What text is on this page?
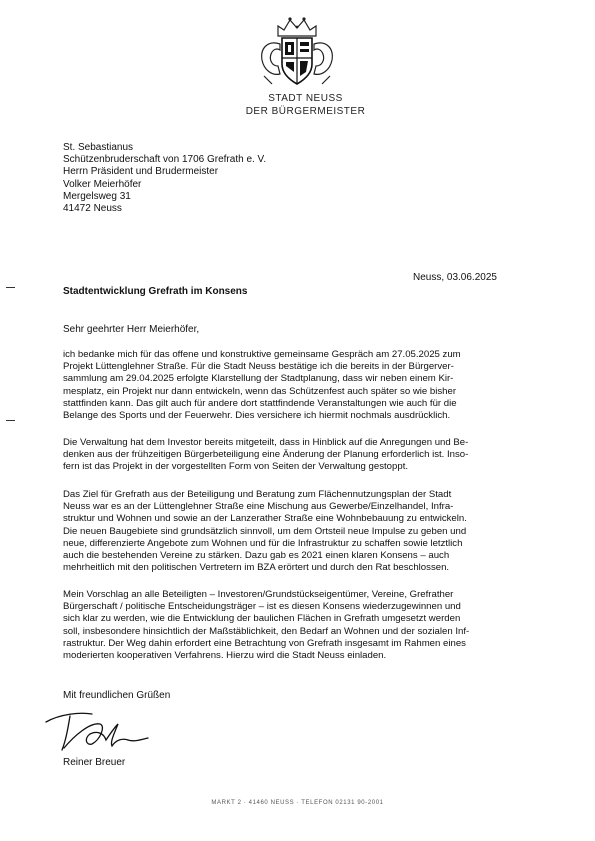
STADT NEUSS
DER BÜRGERMEISTER
St. Sebastianus
Schützenbruderschaft von 1706 Grefrath e. V.
Herrn Präsident und Brudermeister
Volker Meierhöfer
Mergelsweg 31
41472 Neuss
Neuss, 03.06.2025
Stadtentwicklung Grefrath im Konsens
Sehr geehrter Herr Meierhöfer,
ich bedanke mich für das offene und konstruktive gemeinsame Gespräch am 27.05.2025 zum
Projekt Lüttenglehner Straße. Für die Stadt Neuss bestätige ich die bereits in der Bürgerver-
sammlung am 29.04.2025 erfolgte Klarstellung der Stadtplanung, dass wir neben einem Kir-
mesplatz, ein Projekt nur dann entwickeln, wenn das Schützenfest auch später so wie bisher
stattfinden kann. Das gilt auch für andere dort stattfindende Veranstaltungen wie auch für die
Belange des Sports und der Feuerwehr. Dies versichere ich hiermit nochmals ausdrücklich.
Die Verwaltung hat dem Investor bereits mitgeteilt, dass in Hinblick auf die Anregungen und Be-
denken aus der frühzeitigen Bürgerbeteiligung eine Änderung der Planung erforderlich ist. Inso-
fern ist das Projekt in der vorgestellten Form von Seiten der Verwaltung gestoppt.
Das Ziel für Grefrath aus der Beteiligung und Beratung zum Flächennutzungsplan der Stadt
Neuss war es an der Lüttenglehner Straße eine Mischung aus Gewerbe/Einzelhandel, Infra-
struktur und Wohnen und sowie an der Lanzerather Straße eine Wohnbebauung zu entwickeln.
Die neuen Baugebiete sind grundsätzlich sinnvoll, um dem Ortsteil neue Impulse zu geben und
neue, differenzierte Angebote zum Wohnen und für die Infrastruktur zu schaffen sowie letztlich
auch die bestehenden Vereine zu stärken. Dazu gab es 2021 einen klaren Konsens – auch
mehrheitlich mit den politischen Vertretern im BZA erörtert und durch den Rat beschlossen.
Mein Vorschlag an alle Beteiligten – Investoren/Grundstückseigentümer, Vereine, Grefrather
Bürgerschaft / politische Entscheidungsträger – ist es diesen Konsens wiederzugewinnen und
sich klar zu werden, wie die Entwicklung der baulichen Flächen in Grefrath umgesetzt werden
soll, insbesondere hinsichtlich der Maßstäblichkeit, den Bedarf an Wohnen und der sozialen Inf-
rastruktur. Der Weg dahin erfordert eine Betrachtung von Grefrath insgesamt im Rahmen eines
moderierten kooperativen Verfahrens. Hierzu wird die Stadt Neuss einladen.
Mit freundlichen Grüßen
Reiner Breuer
MARKT 2 · 41460 NEUSS · TELEFON 02131 90-2001
